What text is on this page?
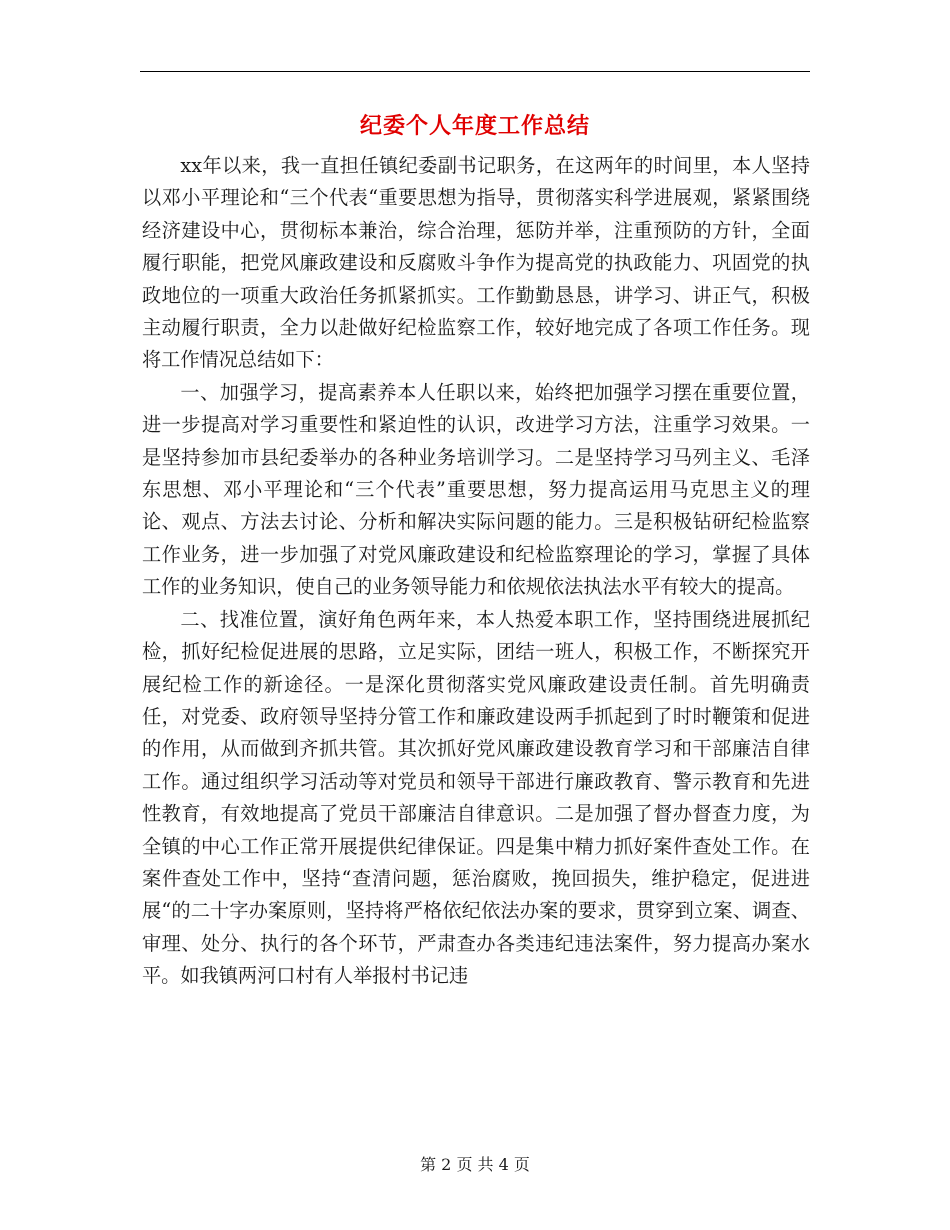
纪委个人年度工作总结

xx年以来，我一直担任镇纪委副书记职务，在这两年的时间里，本人坚持以邓小平理论和“三个代表“重要思想为指导，贯彻落实科学进展观，紧紧围绕经济建设中心，贯彻标本兼治，综合治理，惩防并举，注重预防的方针，全面履行职能，把党风廉政建设和反腐败斗争作为提高党的执政能力、巩固党的执政地位的一项重大政治任务抓紧抓实。工作勤勤恳恳，讲学习、讲正气，积极主动履行职责，全力以赴做好纪检监察工作，较好地完成了各项工作任务。现将工作情况总结如下：

一、加强学习，提高素养本人任职以来，始终把加强学习摆在重要位置，进一步提高对学习重要性和紧迫性的认识，改进学习方法，注重学习效果。一是坚持参加市县纪委举办的各种业务培训学习。二是坚持学习马列主义、毛泽东思想、邓小平理论和“三个代表”重要思想，努力提高运用马克思主义的理论、观点、方法去讨论、分析和解决实际问题的能力。三是积极钻研纪检监察工作业务，进一步加强了对党风廉政建设和纪检监察理论的学习，掌握了具体工作的业务知识，使自己的业务领导能力和依规依法执法水平有较大的提高。

二、找准位置，演好角色两年来，本人热爱本职工作，坚持围绕进展抓纪检，抓好纪检促进展的思路，立足实际，团结一班人，积极工作，不断探究开展纪检工作的新途径。一是深化贯彻落实党风廉政建设责任制。首先明确责任，对党委、政府领导坚持分管工作和廉政建设两手抓起到了时时鞭策和促进的作用，从而做到齐抓共管。其次抓好党风廉政建设教育学习和干部廉洁自律工作。通过组织学习活动等对党员和领导干部进行廉政教育、警示教育和先进性教育，有效地提高了党员干部廉洁自律意识。二是加强了督办督查力度，为全镇的中心工作正常开展提供纪律保证。四是集中精力抓好案件查处工作。在案件查处工作中，坚持“查清问题，惩治腐败，挽回损失，维护稳定，促进进展“的二十字办案原则，坚持将严格依纪依法办案的要求，贯穿到立案、调查、审理、处分、执行的各个环节，严肃查办各类违纪违法案件，努力提高办案水平。如我镇两河口村有人举报村书记违

第 2 页 共 4 页
